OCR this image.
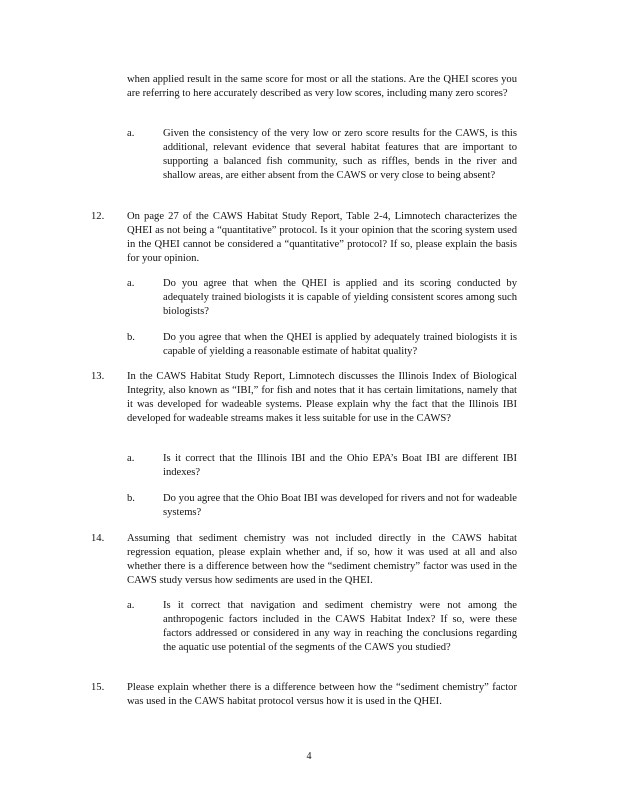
when applied result in the same score for most or all the stations. Are the QHEI scores you are referring to here accurately described as very low scores, including many zero scores?

a.	Given the consistency of the very low or zero score results for the CAWS, is this additional, relevant evidence that several habitat features that are important to supporting a balanced fish community, such as riffles, bends in the river and shallow areas, are either absent from the CAWS or very close to being absent?
12. On page 27 of the CAWS Habitat Study Report, Table 2-4, Limnotech characterizes the QHEI as not being a “quantitative” protocol. Is it your opinion that the scoring system used in the QHEI cannot be considered a “quantitative” protocol? If so, please explain the basis for your opinion.

a.	Do you agree that when the QHEI is applied and its scoring conducted by adequately trained biologists it is capable of yielding consistent scores among such biologists?
b.	Do you agree that when the QHEI is applied by adequately trained biologists it is capable of yielding a reasonable estimate of habitat quality?
13. In the CAWS Habitat Study Report, Limnotech discusses the Illinois Index of Biological Integrity, also known as “IBI,” for fish and notes that it has certain limitations, namely that it was developed for wadeable systems. Please explain why the fact that the Illinois IBI developed for wadeable streams makes it less suitable for use in the CAWS?

a.	Is it correct that the Illinois IBI and the Ohio EPA’s Boat IBI are different IBI indexes?
b.	Do you agree that the Ohio Boat IBI was developed for rivers and not for wadeable systems?
14. Assuming that sediment chemistry was not included directly in the CAWS habitat regression equation, please explain whether and, if so, how it was used at all and also whether there is a difference between how the “sediment chemistry” factor was used in the CAWS study versus how sediments are used in the QHEI.

a.	Is it correct that navigation and sediment chemistry were not among the anthropogenic factors included in the CAWS Habitat Index? If so, were these factors addressed or considered in any way in reaching the conclusions regarding the aquatic use potential of the segments of the CAWS you studied?
15. Please explain whether there is a difference between how the “sediment chemistry” factor was used in the CAWS habitat protocol versus how it is used in the QHEI.

4
